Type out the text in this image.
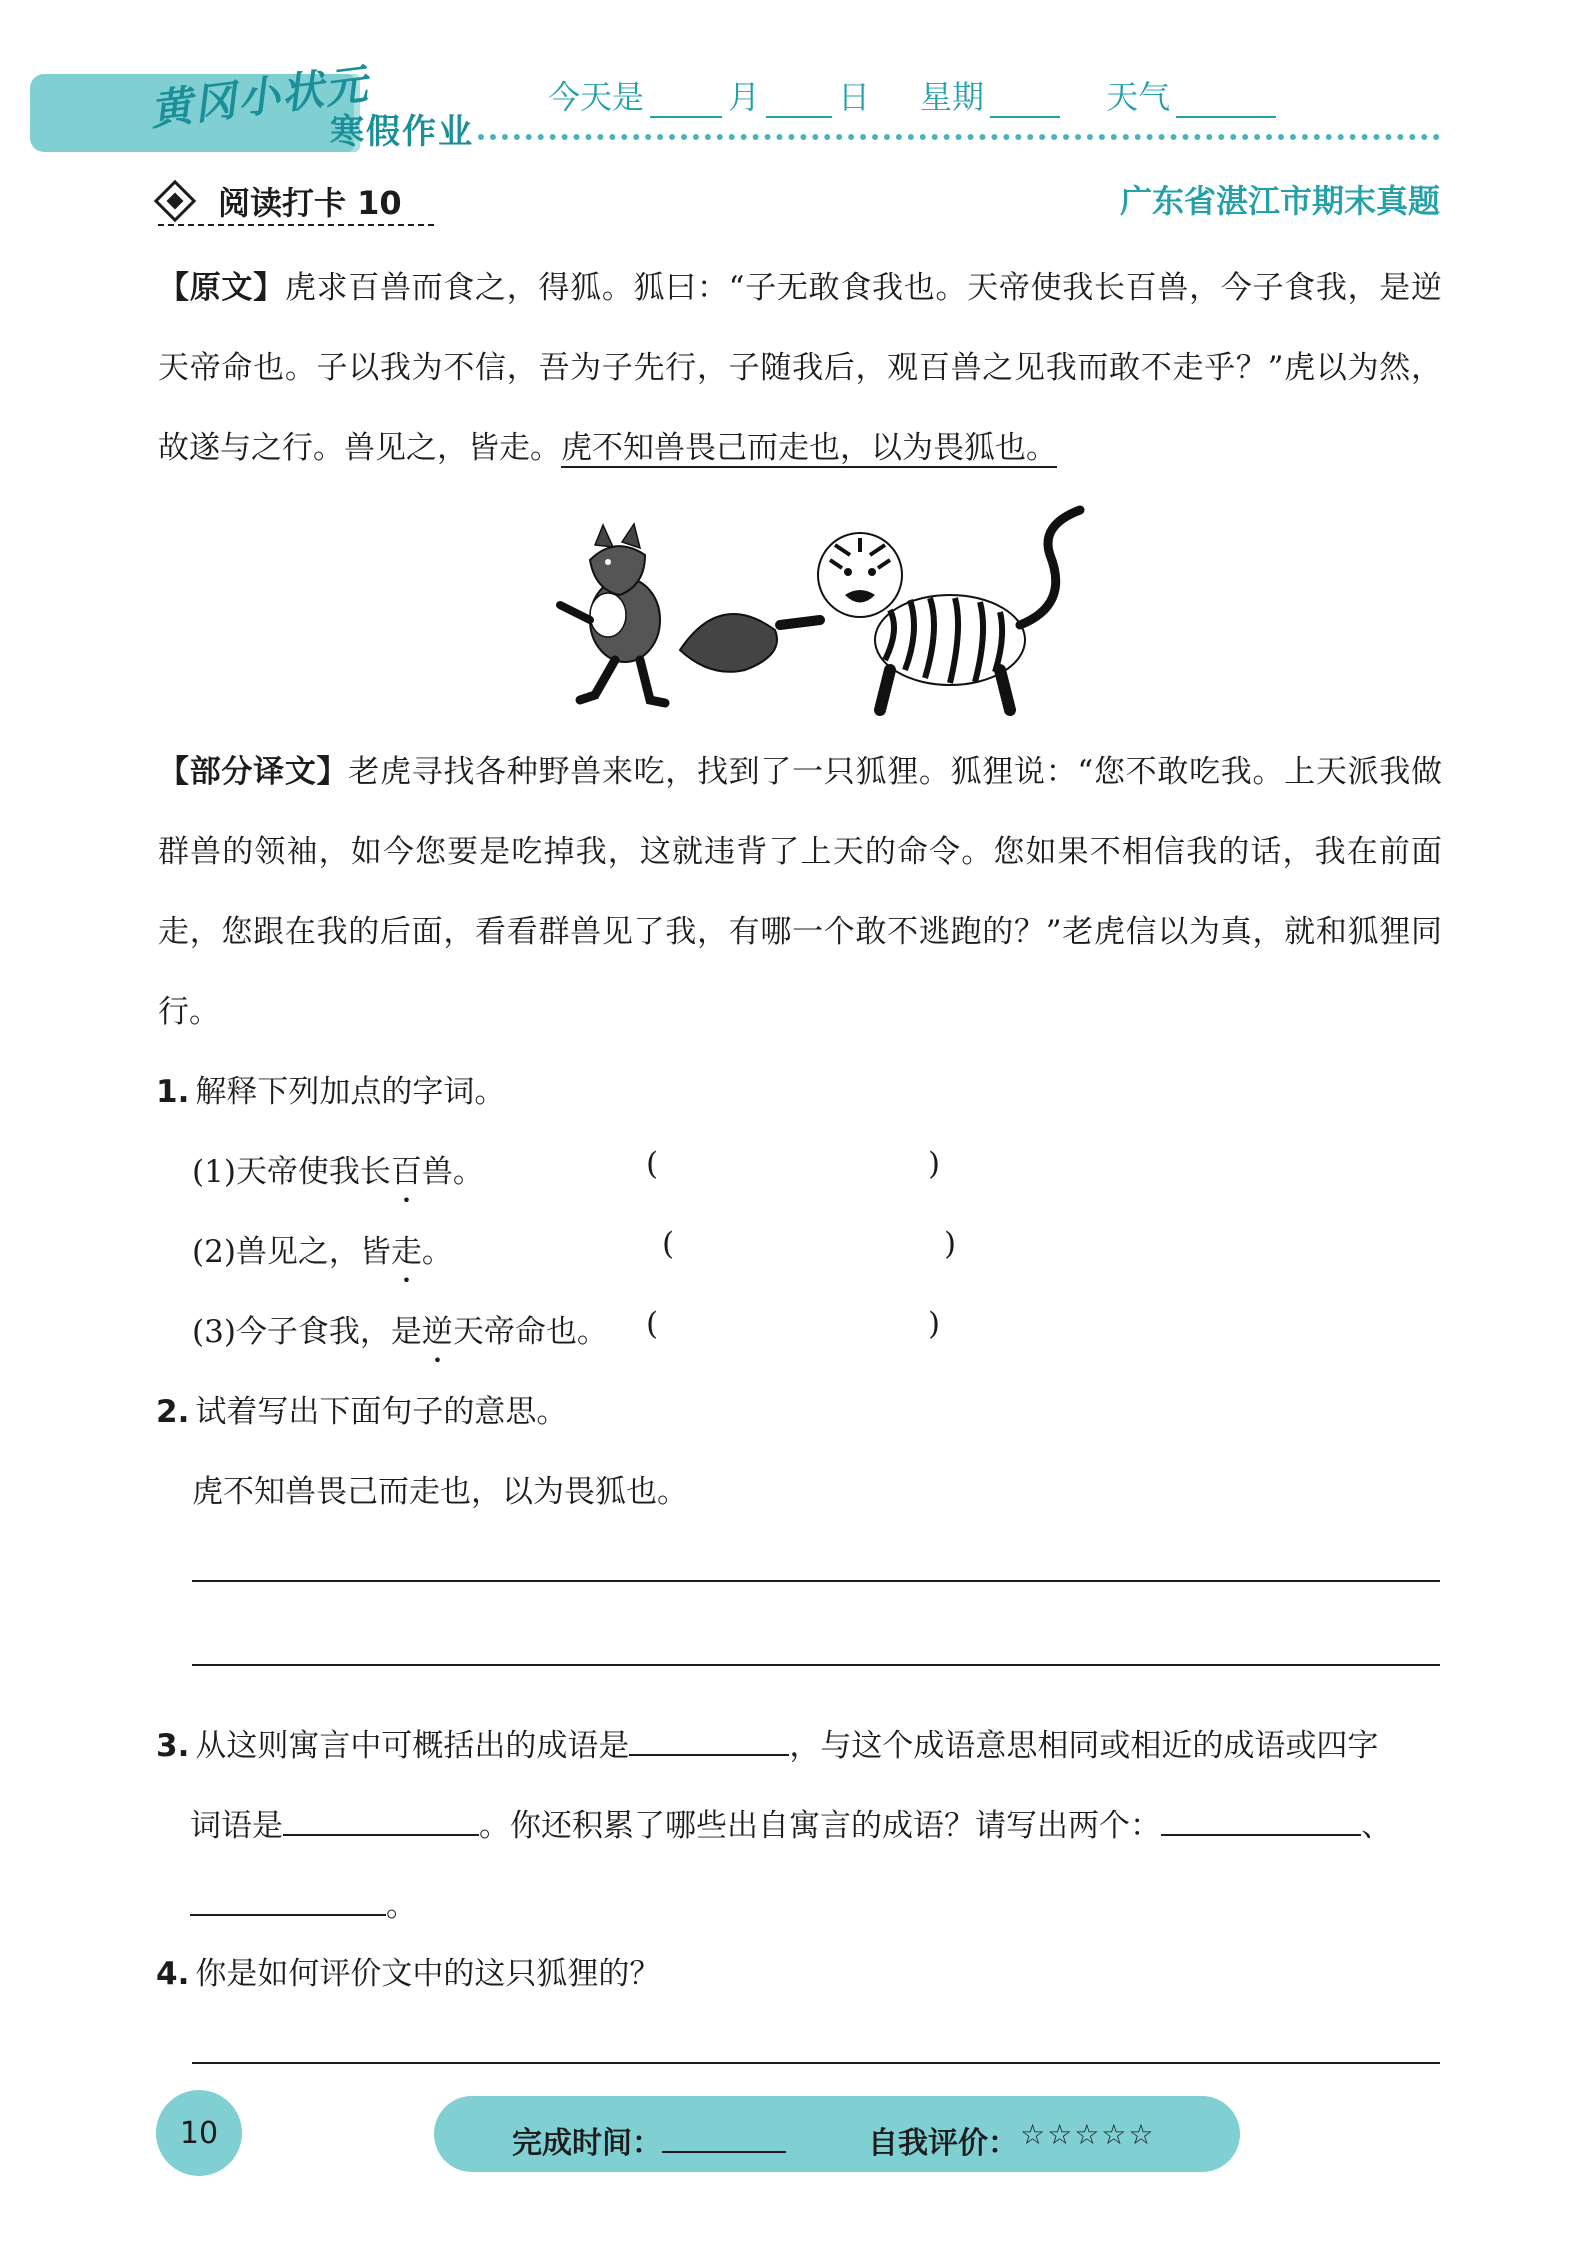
黄冈小状元
寒假作业
今天是	月 日 星期	天气
阅读打卡 10	广东省湛江市期末真题
【原文】虎求百兽而食之，得狐。狐曰：“子无敢食我也。天帝使我长百兽，今子食我，是逆天帝命也。子以我为不信，吾为子先行，子随我后，观百兽之见我而敢不走乎？”虎以为然，故遂与之行。兽见之，皆走。虎不知兽畏己而走也，以为畏狐也。
【部分译文】老虎寻找各种野兽来吃，找到了一只狐狸。狐狸说：“您不敢吃我。上天派我做群兽的领袖，如今您要是吃掉我，这就违背了上天的命令。您如果不相信我的话，我在前面走，您跟在我的后面，看看群兽见了我，有哪一个敢不逃跑的？”老虎信以为真，就和狐狸同行。
1. 解释下列加点的字词。
(1)天帝使我长百兽。	(	)
(2)兽见之，皆走。	(	)
(3)今子食我，是逆天帝命也。 (	)
2. 试着写出下面句子的意思。
虎不知兽畏己而走也，以为畏狐也。
3. 从这则寓言中可概括出的成语是	，与这个成语意思相同或相近的成语或四字
词语是	。你还积累了哪些出自寓言的成语？请写出两个：	、
。
4. 你是如何评价文中的这只狐狸的？
10	完成时间：	自我评价： ☆☆☆☆☆
